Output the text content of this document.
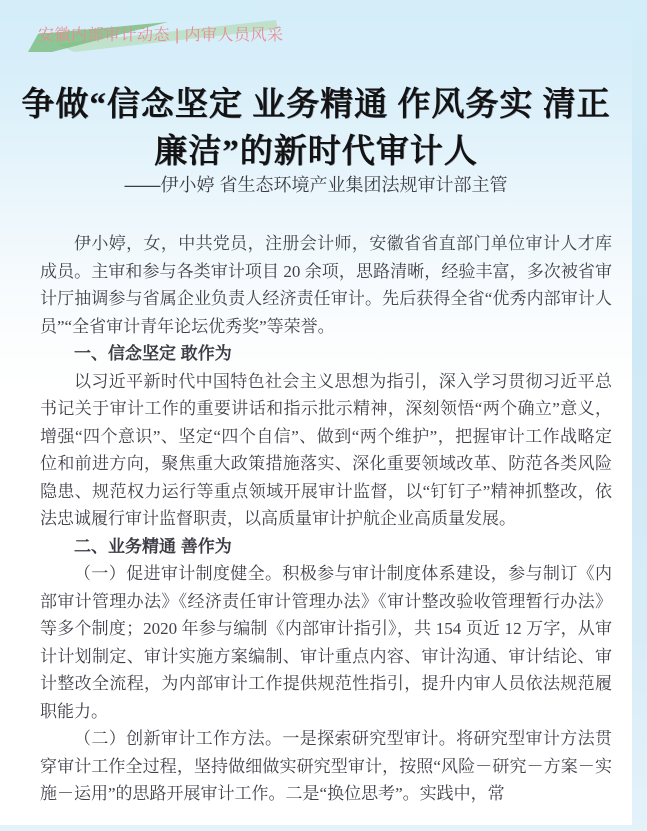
安徽内部审计动态 | 内审人员风采
争做“信念坚定 业务精通 作风务实 清正廉洁”的新时代审计人
——伊小婷 省生态环境产业集团法规审计部主管

伊小婷，女，中共党员，注册会计师，安徽省省直部门单位审计人才库成员。主审和参与各类审计项目 20 余项，思路清晰，经验丰富，多次被省审计厅抽调参与省属企业负责人经济责任审计。先后获得全省“优秀内部审计人员”“全省审计青年论坛优秀奖”等荣誉。

一、信念坚定 敢作为

以习近平新时代中国特色社会主义思想为指引，深入学习贯彻习近平总书记关于审计工作的重要讲话和指示批示精神，深刻领悟“两个确立”意义，增强“四个意识”、坚定“四个自信”、做到“两个维护”，把握审计工作战略定位和前进方向，聚焦重大政策措施落实、深化重要领域改革、防范各类风险隐患、规范权力运行等重点领域开展审计监督，以“钉钉子”精神抓整改，依法忠诚履行审计监督职责，以高质量审计护航企业高质量发展。

二、业务精通 善作为

（一）促进审计制度健全。积极参与审计制度体系建设，参与制订《内部审计管理办法》《经济责任审计管理办法》《审计整改验收管理暂行办法》等多个制度；2020 年参与编制《内部审计指引》，共 154 页近 12 万字，从审计计划制定、审计实施方案编制、审计重点内容、审计沟通、审计结论、审计整改全流程，为内部审计工作提供规范性指引，提升内审人员依法规范履职能力。

（二）创新审计工作方法。一是探索研究型审计。将研究型审计方法贯穿审计工作全过程，坚持做细做实研究型审计，按照“风险－研究－方案－实施－运用”的思路开展审计工作。二是“换位思考”。实践中，常
